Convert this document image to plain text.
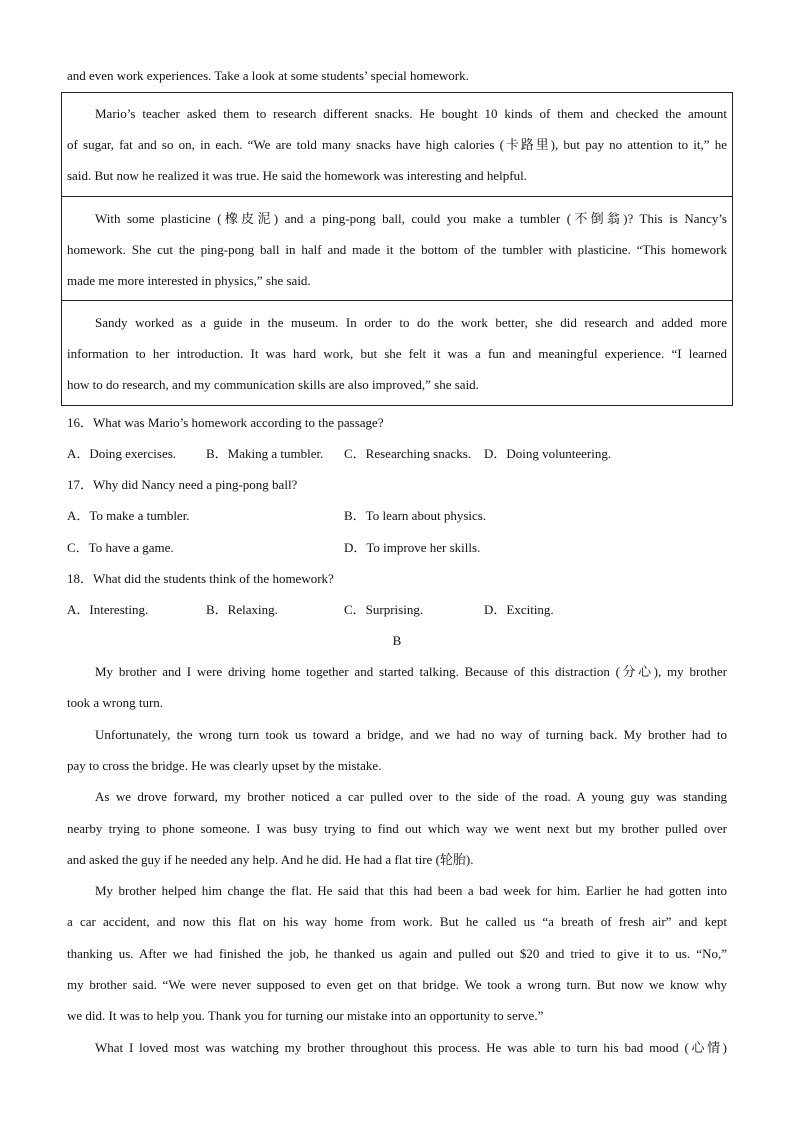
and even work experiences. Take a look at some students’ special homework.

Mario’s teacher asked them to research different snacks. He bought 10 kinds of them and checked the amount

of sugar, fat and so on, in each. “We are told many snacks have high calories (卡路里), but pay no attention to it,” he

said. But now he realized it was true. He said the homework was interesting and helpful.

With some plasticine (橡皮泥) and a ping-pong ball, could you make a tumbler (不倒翁)? This is Nancy’s

homework. She cut the ping-pong ball in half and made it the bottom of the tumbler with plasticine. “This homework

made me more interested in physics,” she said.

Sandy worked as a guide in the museum. In order to do the work better, she did research and added more

information to her introduction. It was hard work, but she felt it was a fun and meaningful experience. “I learned

how to do research, and my communication skills are also improved,” she said.

16．What was Mario’s homework according to the passage?

A．Doing exercises. B．Making a tumbler. C．Researching snacks. D．Doing volunteering.

17．Why did Nancy need a ping-pong ball?

A．To make a tumbler.	B．To learn about physics.
C．To have a game.	D．To improve her skills.

18．What did the students think of the homework?

A．Interesting.	B．Relaxing.	C．Surprising.	D．Exciting.
B

My brother and I were driving home together and started talking. Because of this distraction (分心), my brother

took a wrong turn.

Unfortunately, the wrong turn took us toward a bridge, and we had no way of turning back. My brother had to

pay to cross the bridge. He was clearly upset by the mistake.

As we drove forward, my brother noticed a car pulled over to the side of the road. A young guy was standing

nearby trying to phone someone. I was busy trying to find out which way we went next but my brother pulled over

and asked the guy if he needed any help. And he did. He had a flat tire (轮胎).

My brother helped him change the flat. He said that this had been a bad week for him. Earlier he had gotten into

a car accident, and now this flat on his way home from work. But he called us “a breath of fresh air” and kept

thanking us. After we had finished the job, he thanked us again and pulled out $20 and tried to give it to us. “No,”

my brother said. “We were never supposed to even get on that bridge. We took a wrong turn. But now we know why

we did. It was to help you. Thank you for turning our mistake into an opportunity to serve.”

What I loved most was watching my brother throughout this process. He was able to turn his bad mood (心情)
